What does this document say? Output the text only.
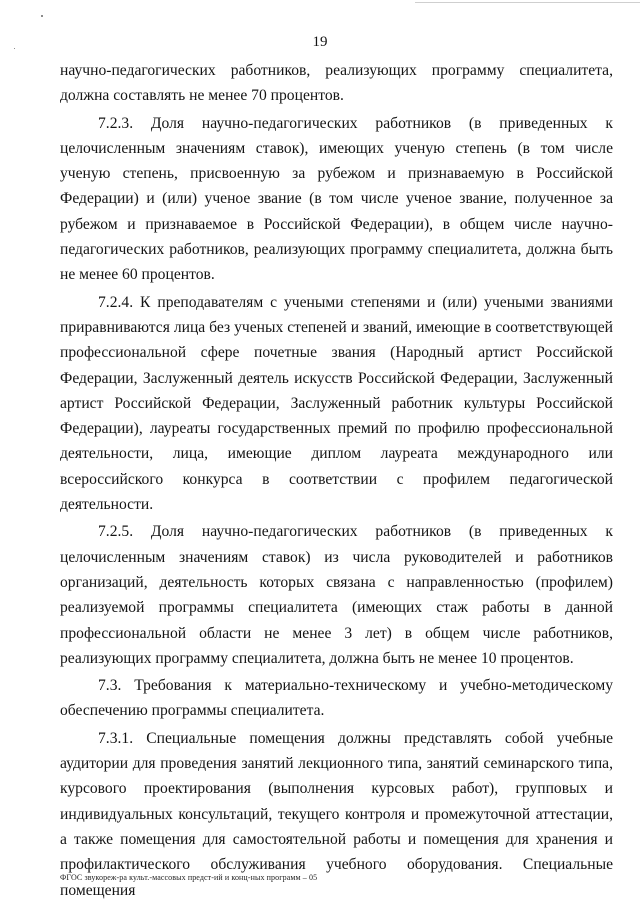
19

научно-педагогических работников, реализующих программу специалитета, должна составлять не менее 70 процентов.

7.2.3. Доля научно-педагогических работников (в приведенных к целочисленным значениям ставок), имеющих ученую степень (в том числе ученую степень, присвоенную за рубежом и признаваемую в Российской Федерации) и (или) ученое звание (в том числе ученое звание, полученное за рубежом и признаваемое в Российской Федерации), в общем числе научно-педагогических работников, реализующих программу специалитета, должна быть не менее 60 процентов.

7.2.4. К преподавателям с учеными степенями и (или) учеными званиями приравниваются лица без ученых степеней и званий, имеющие в соответствующей профессиональной сфере почетные звания (Народный артист Российской Федерации, Заслуженный деятель искусств Российской Федерации, Заслуженный артист Российской Федерации, Заслуженный работник культуры Российской Федерации), лауреаты государственных премий по профилю профессиональной деятельности, лица, имеющие диплом лауреата международного или всероссийского конкурса в соответствии с профилем педагогической деятельности.

7.2.5. Доля научно-педагогических работников (в приведенных к целочисленным значениям ставок) из числа руководителей и работников организаций, деятельность которых связана с направленностью (профилем) реализуемой программы специалитета (имеющих стаж работы в данной профессиональной области не менее 3 лет) в общем числе работников, реализующих программу специалитета, должна быть не менее 10 процентов.

7.3. Требования к материально-техническому и учебно-методическому обеспечению программы специалитета.

7.3.1. Специальные помещения должны представлять собой учебные аудитории для проведения занятий лекционного типа, занятий семинарского типа, курсового проектирования (выполнения курсовых работ), групповых и индивидуальных консультаций, текущего контроля и промежуточной аттестации, а также помещения для самостоятельной работы и помещения для хранения и профилактического обслуживания учебного оборудования. Специальные помещения

ФГОС звукореж-ра культ.-массовых предст-ий и конц-ных программ – 05
